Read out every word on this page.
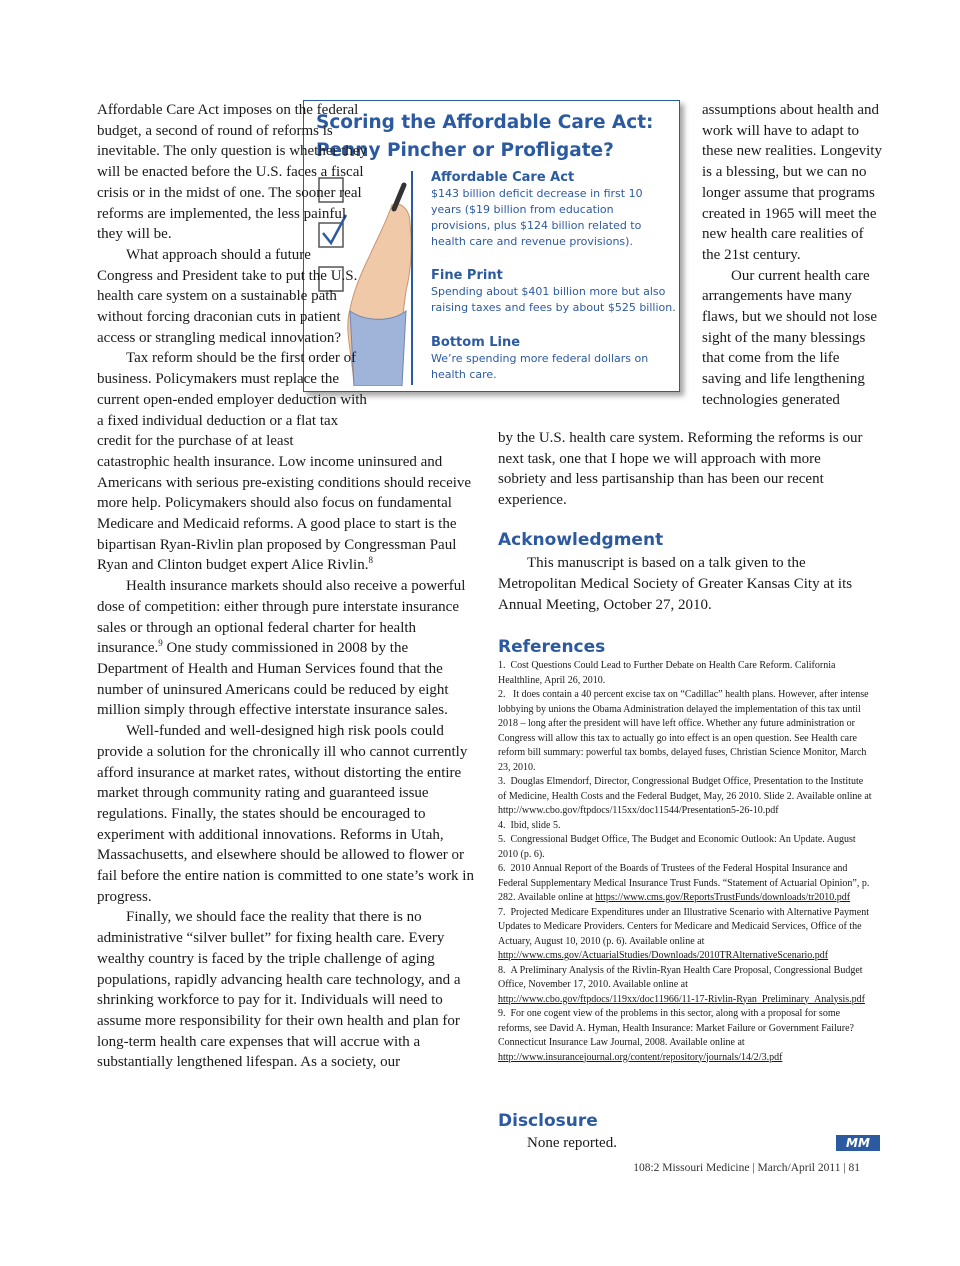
Scoring the Affordable Care Act:
Penny Pincher or Profligate?
Affordable Care Act
$143 billion deficit decrease in first 10 years ($19 billion from education provisions, plus $124 billion related to health care and revenue provisions).
Fine Print
Spending about $401 billion more but also raising taxes and fees by about $525 billion.
Bottom Line
We’re spending more federal dollars on health care.

Affordable Care Act imposes on the federal budget, a second of round of reforms is inevitable. The only question is whether they will be enacted before the U.S. faces a fiscal crisis or in the midst of one. The sooner real reforms are implemented, the less painful they will be.

What approach should a future Congress and President take to put the U.S. health care system on a sustainable path without forcing draconian cuts in patient access or strangling medical innovation?

Tax reform should be the first order of business. Policymakers must replace the current open-ended employer deduction with a fixed individual deduction or a flat tax credit for the purchase of at least catastrophic health insurance. Low income uninsured and Americans with serious pre-existing conditions should receive more help. Policymakers should also focus on fundamental Medicare and Medicaid reforms. A good place to start is the bipartisan Ryan-Rivlin plan proposed by Congressman Paul Ryan and Clinton budget expert Alice Rivlin.$^8$

Health insurance markets should also receive a powerful dose of competition: either through pure interstate insurance sales or through an optional federal charter for health insurance.$^9$ One study commissioned in 2008 by the Department of Health and Human Services found that the number of uninsured Americans could be reduced by eight million simply through effective interstate insurance sales.

Well-funded and well-designed high risk pools could provide a solution for the chronically ill who cannot currently afford insurance at market rates, without distorting the entire market through community rating and guaranteed issue regulations. Finally, the states should be encouraged to experiment with additional innovations. Reforms in Utah, Massachusetts, and elsewhere should be allowed to flower or fail before the entire nation is committed to one state’s work in progress.

Finally, we should face the reality that there is no administrative “silver bullet” for fixing health care. Every wealthy country is faced by the triple challenge of aging populations, rapidly advancing health care technology, and a shrinking workforce to pay for it. Individuals will need to assume more responsibility for their own health and plan for long-term health care expenses that will accrue with a substantially lengthened lifespan. As a society, our

assumptions about health and work will have to adapt to these new realities. Longevity is a blessing, but we can no longer assume that programs created in 1965 will meet the new health care realities of the 21st century.

Our current health care arrangements have many flaws, but we should not lose sight of the many blessings that come from the life saving and life lengthening technologies generated

by the U.S. health care system. Reforming the reforms is our next task, one that I hope we will approach with more sobriety and less partisanship than has been our recent experience.

Acknowledgment
This manuscript is based on a talk given to the Metropolitan Medical Society of Greater Kansas City at its Annual Meeting, October 27, 2010.
References

1. Cost Questions Could Lead to Further Debate on Health Care Reform. California Healthline, April 26, 2010.

2. It does contain a 40 percent excise tax on “Cadillac” health plans. However, after intense lobbying by unions the Obama Administration delayed the implementation of this tax until 2018 – long after the president will have left office. Whether any future administration or Congress will allow this tax to actually go into effect is an open question. See Health care reform bill summary: powerful tax bombs, delayed fuses, Christian Science Monitor, March 23, 2010.

3. Douglas Elmendorf, Director, Congressional Budget Office, Presentation to the Institute of Medicine, Health Costs and the Federal Budget, May, 26 2010. Slide 2. Available online at http://www.cbo.gov/ftpdocs/115xx/doc11544/Presentation5-26-10.pdf

4. Ibid, slide 5.

5. Congressional Budget Office, The Budget and Economic Outlook: An Update. August 2010 (p. 6).

6. 2010 Annual Report of the Boards of Trustees of the Federal Hospital Insurance and Federal Supplementary Medical Insurance Trust Funds. “Statement of Actuarial Opinion”, p. 282. Available online at https://www.cms.gov/ReportsTrustFunds/downloads/tr2010.pdf

7. Projected Medicare Expenditures under an Illustrative Scenario with Alternative Payment Updates to Medicare Providers. Centers for Medicare and Medicaid Services, Office of the Actuary, August 10, 2010 (p. 6). Available online at http://www.cms.gov/ActuarialStudies/Downloads/2010TRAlternativeScenario.pdf

8. A Preliminary Analysis of the Rivlin-Ryan Health Care Proposal, Congressional Budget Office, November 17, 2010. Available online at http://www.cbo.gov/ftpdocs/119xx/doc11966/11-17-Rivlin-Ryan_Preliminary_Analysis.pdf

9. For one cogent view of the problems in this sector, along with a proposal for some reforms, see David A. Hyman, Health Insurance: Market Failure or Government Failure? Connecticut Insurance Law Journal, 2008. Available online at http://www.insurancejournal.org/content/repository/journals/14/2/3.pdf

Disclosure
None reported.	MM
108:2 Missouri Medicine | March/April 2011 | 81
